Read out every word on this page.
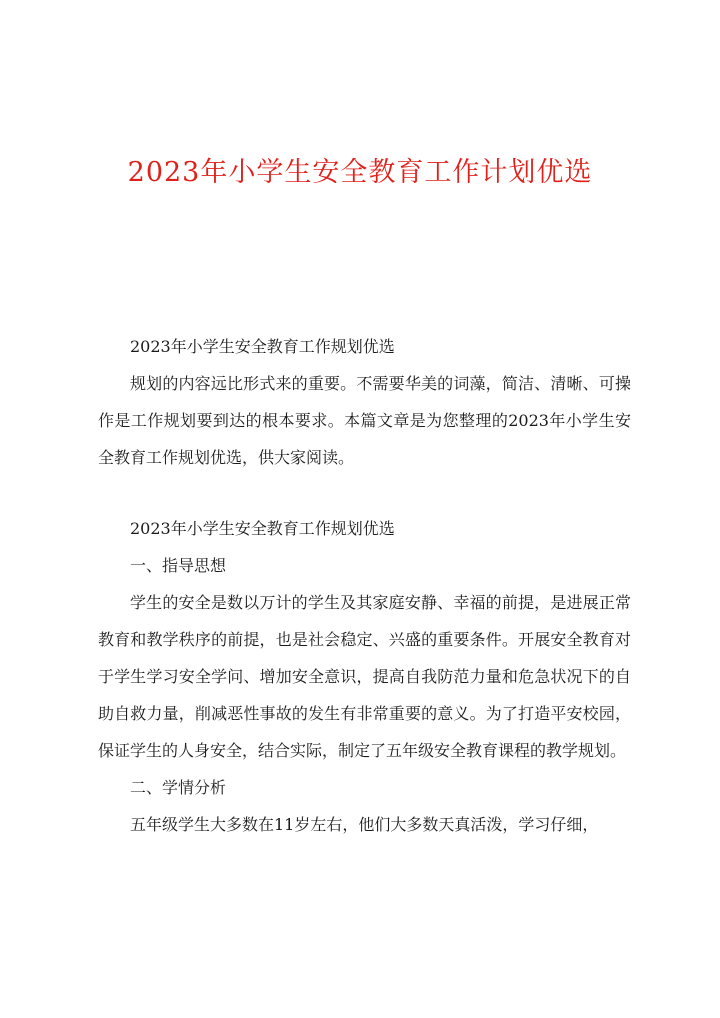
2023年小学生安全教育工作计划优选

2023年小学生安全教育工作规划优选

规划的内容远比形式来的重要。不需要华美的词藻，简洁、清晰、可操作是工作规划要到达的根本要求。本篇文章是为您整理的2023年小学生安全教育工作规划优选，供大家阅读。

2023年小学生安全教育工作规划优选

一、指导思想

学生的安全是数以万计的学生及其家庭安静、幸福的前提，是进展正常教育和教学秩序的前提，也是社会稳定、兴盛的重要条件。开展安全教育对于学生学习安全学问、增加安全意识，提高自我防范力量和危急状况下的自助自救力量，削减恶性事故的发生有非常重要的意义。为了打造平安校园，保证学生的人身安全，结合实际，制定了五年级安全教育课程的教学规划。

二、学情分析

五年级学生大多数在11岁左右，他们大多数天真活泼，学习仔细，
